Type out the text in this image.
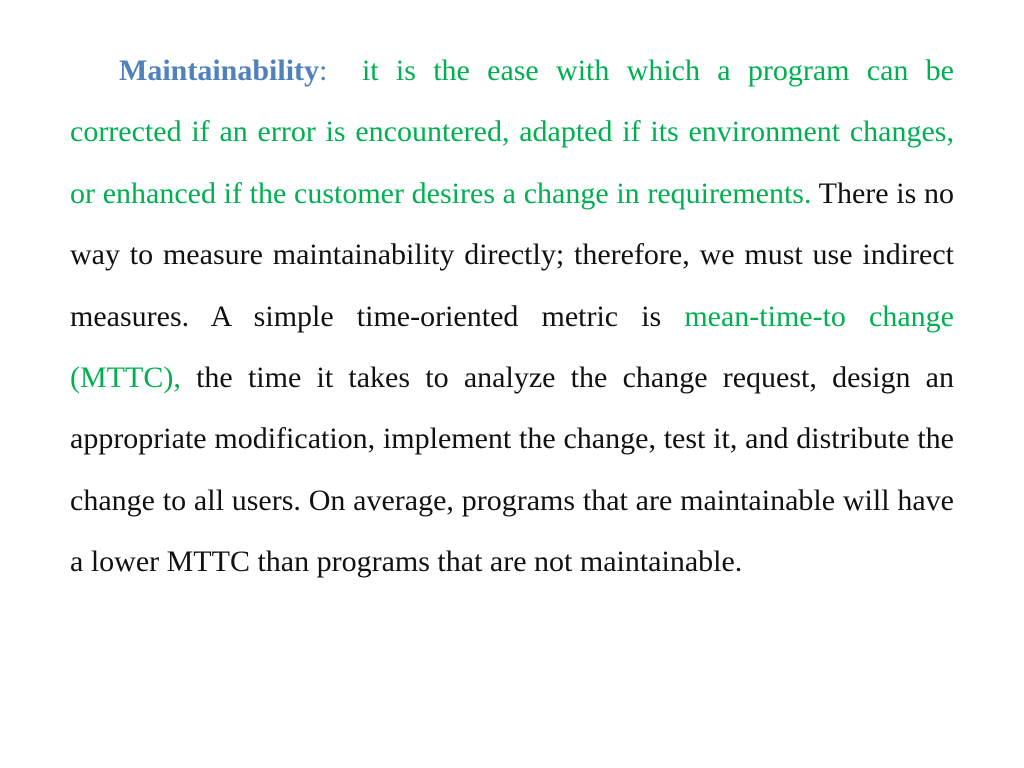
Maintainability:  it is the ease with which a program can be corrected if an error is encountered, adapted if its environment changes, or enhanced if the customer desires a change in requirements. There is no way to measure maintainability directly; therefore, we must use indirect measures. A simple time-oriented metric is mean-time-to change (MTTC), the time it takes to analyze the change request, design an appropriate modification, implement the change, test it, and distribute the change to all users. On average, programs that are maintainable will have a lower MTTC than programs that are not maintainable.
